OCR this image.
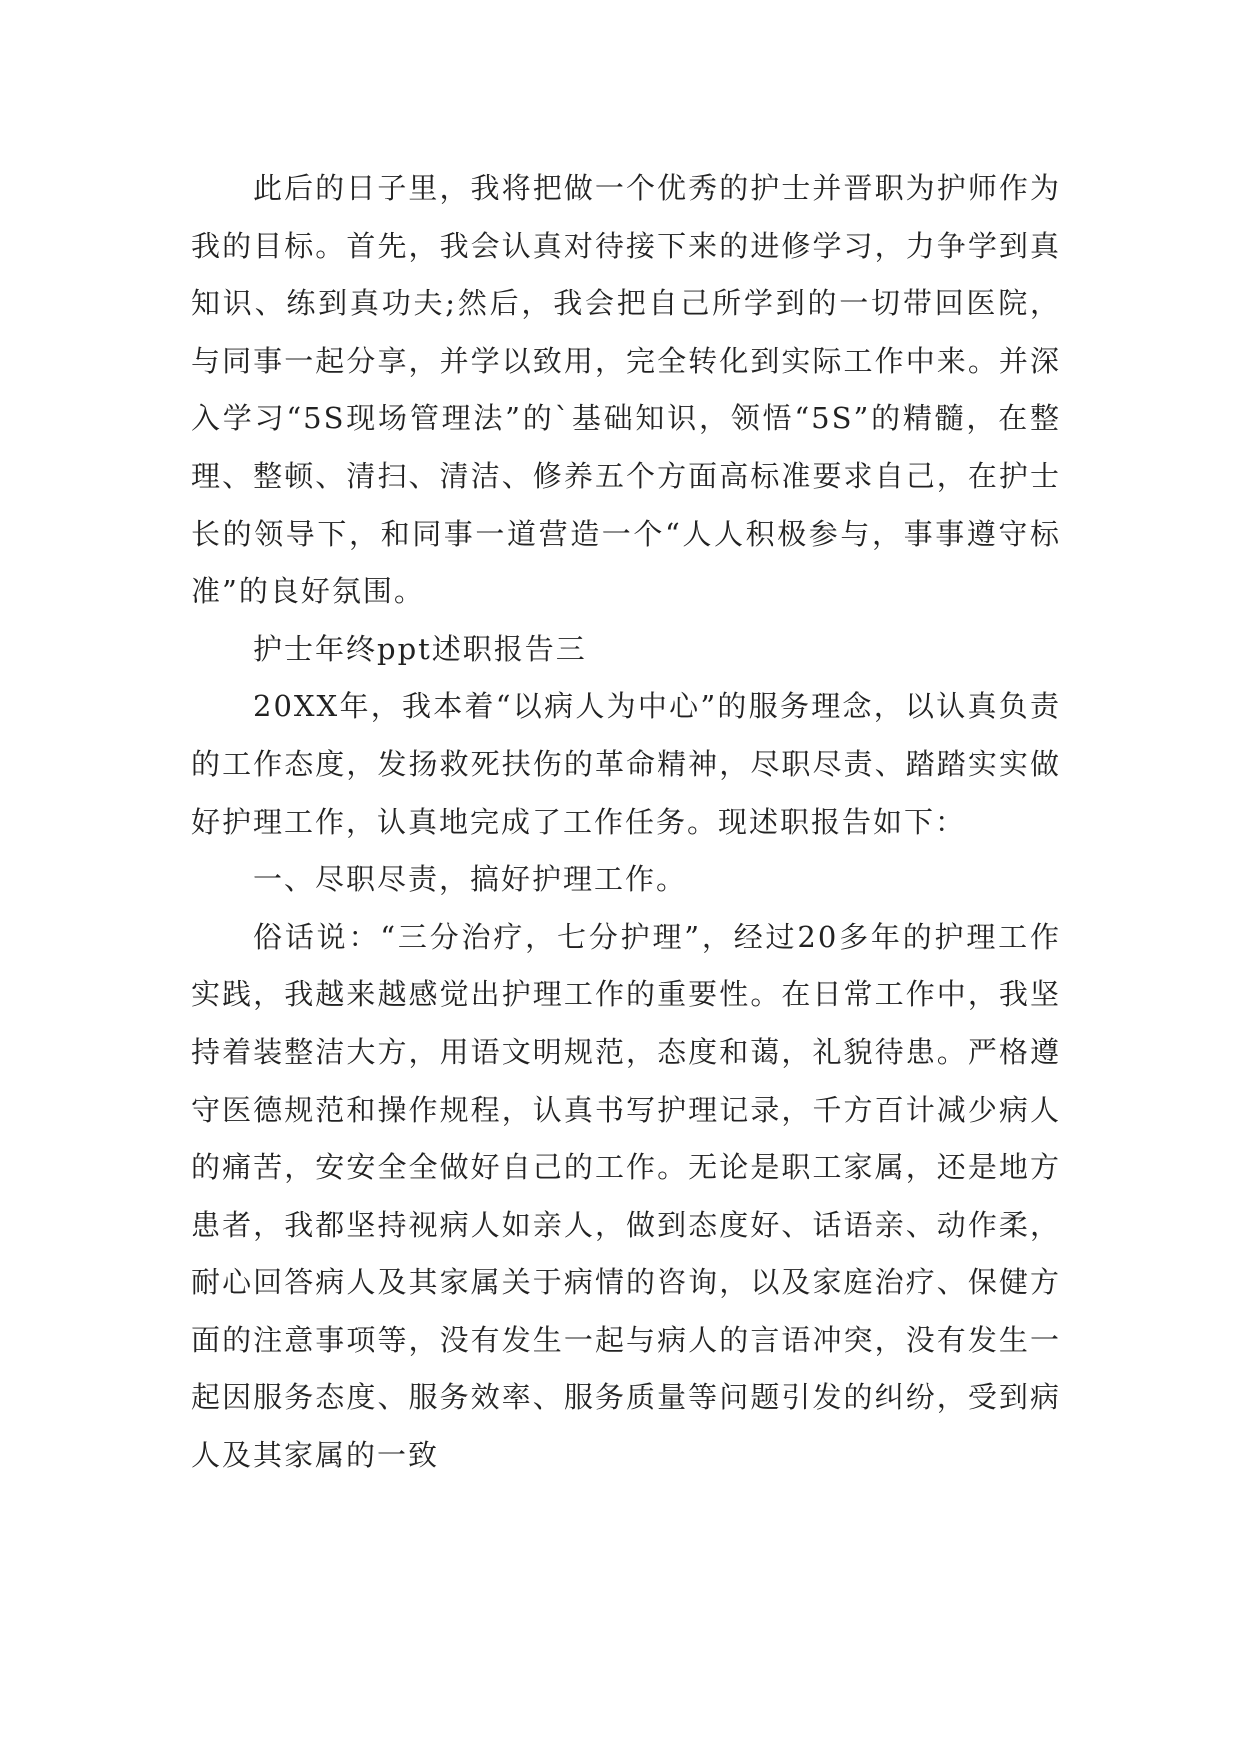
此后的日子里，我将把做一个优秀的护士并晋职为护师作为我的目标。首先，我会认真对待接下来的进修学习，力争学到真知识、练到真功夫;然后，我会把自己所学到的一切带回医院，与同事一起分享，并学以致用，完全转化到实际工作中来。并深入学习“5S现场管理法”的`基础知识，领悟“5S”的精髓，在整理、整顿、清扫、清洁、修养五个方面高标准要求自己，在护士长的领导下，和同事一道营造一个“人人积极参与，事事遵守标准”的良好氛围。

护士年终ppt述职报告三

20XX年，我本着“以病人为中心”的服务理念，以认真负责的工作态度，发扬救死扶伤的革命精神，尽职尽责、踏踏实实做好护理工作，认真地完成了工作任务。现述职报告如下：

一、尽职尽责，搞好护理工作。

俗话说：“三分治疗，七分护理”，经过20多年的护理工作实践，我越来越感觉出护理工作的重要性。在日常工作中，我坚持着装整洁大方，用语文明规范，态度和蔼，礼貌待患。严格遵守医德规范和操作规程，认真书写护理记录，千方百计减少病人的痛苦，安安全全做好自己的工作。无论是职工家属，还是地方患者，我都坚持视病人如亲人，做到态度好、话语亲、动作柔，耐心回答病人及其家属关于病情的咨询，以及家庭治疗、保健方面的注意事项等，没有发生一起与病人的言语冲突，没有发生一起因服务态度、服务效率、服务质量等问题引发的纠纷，受到病人及其家属的一致
